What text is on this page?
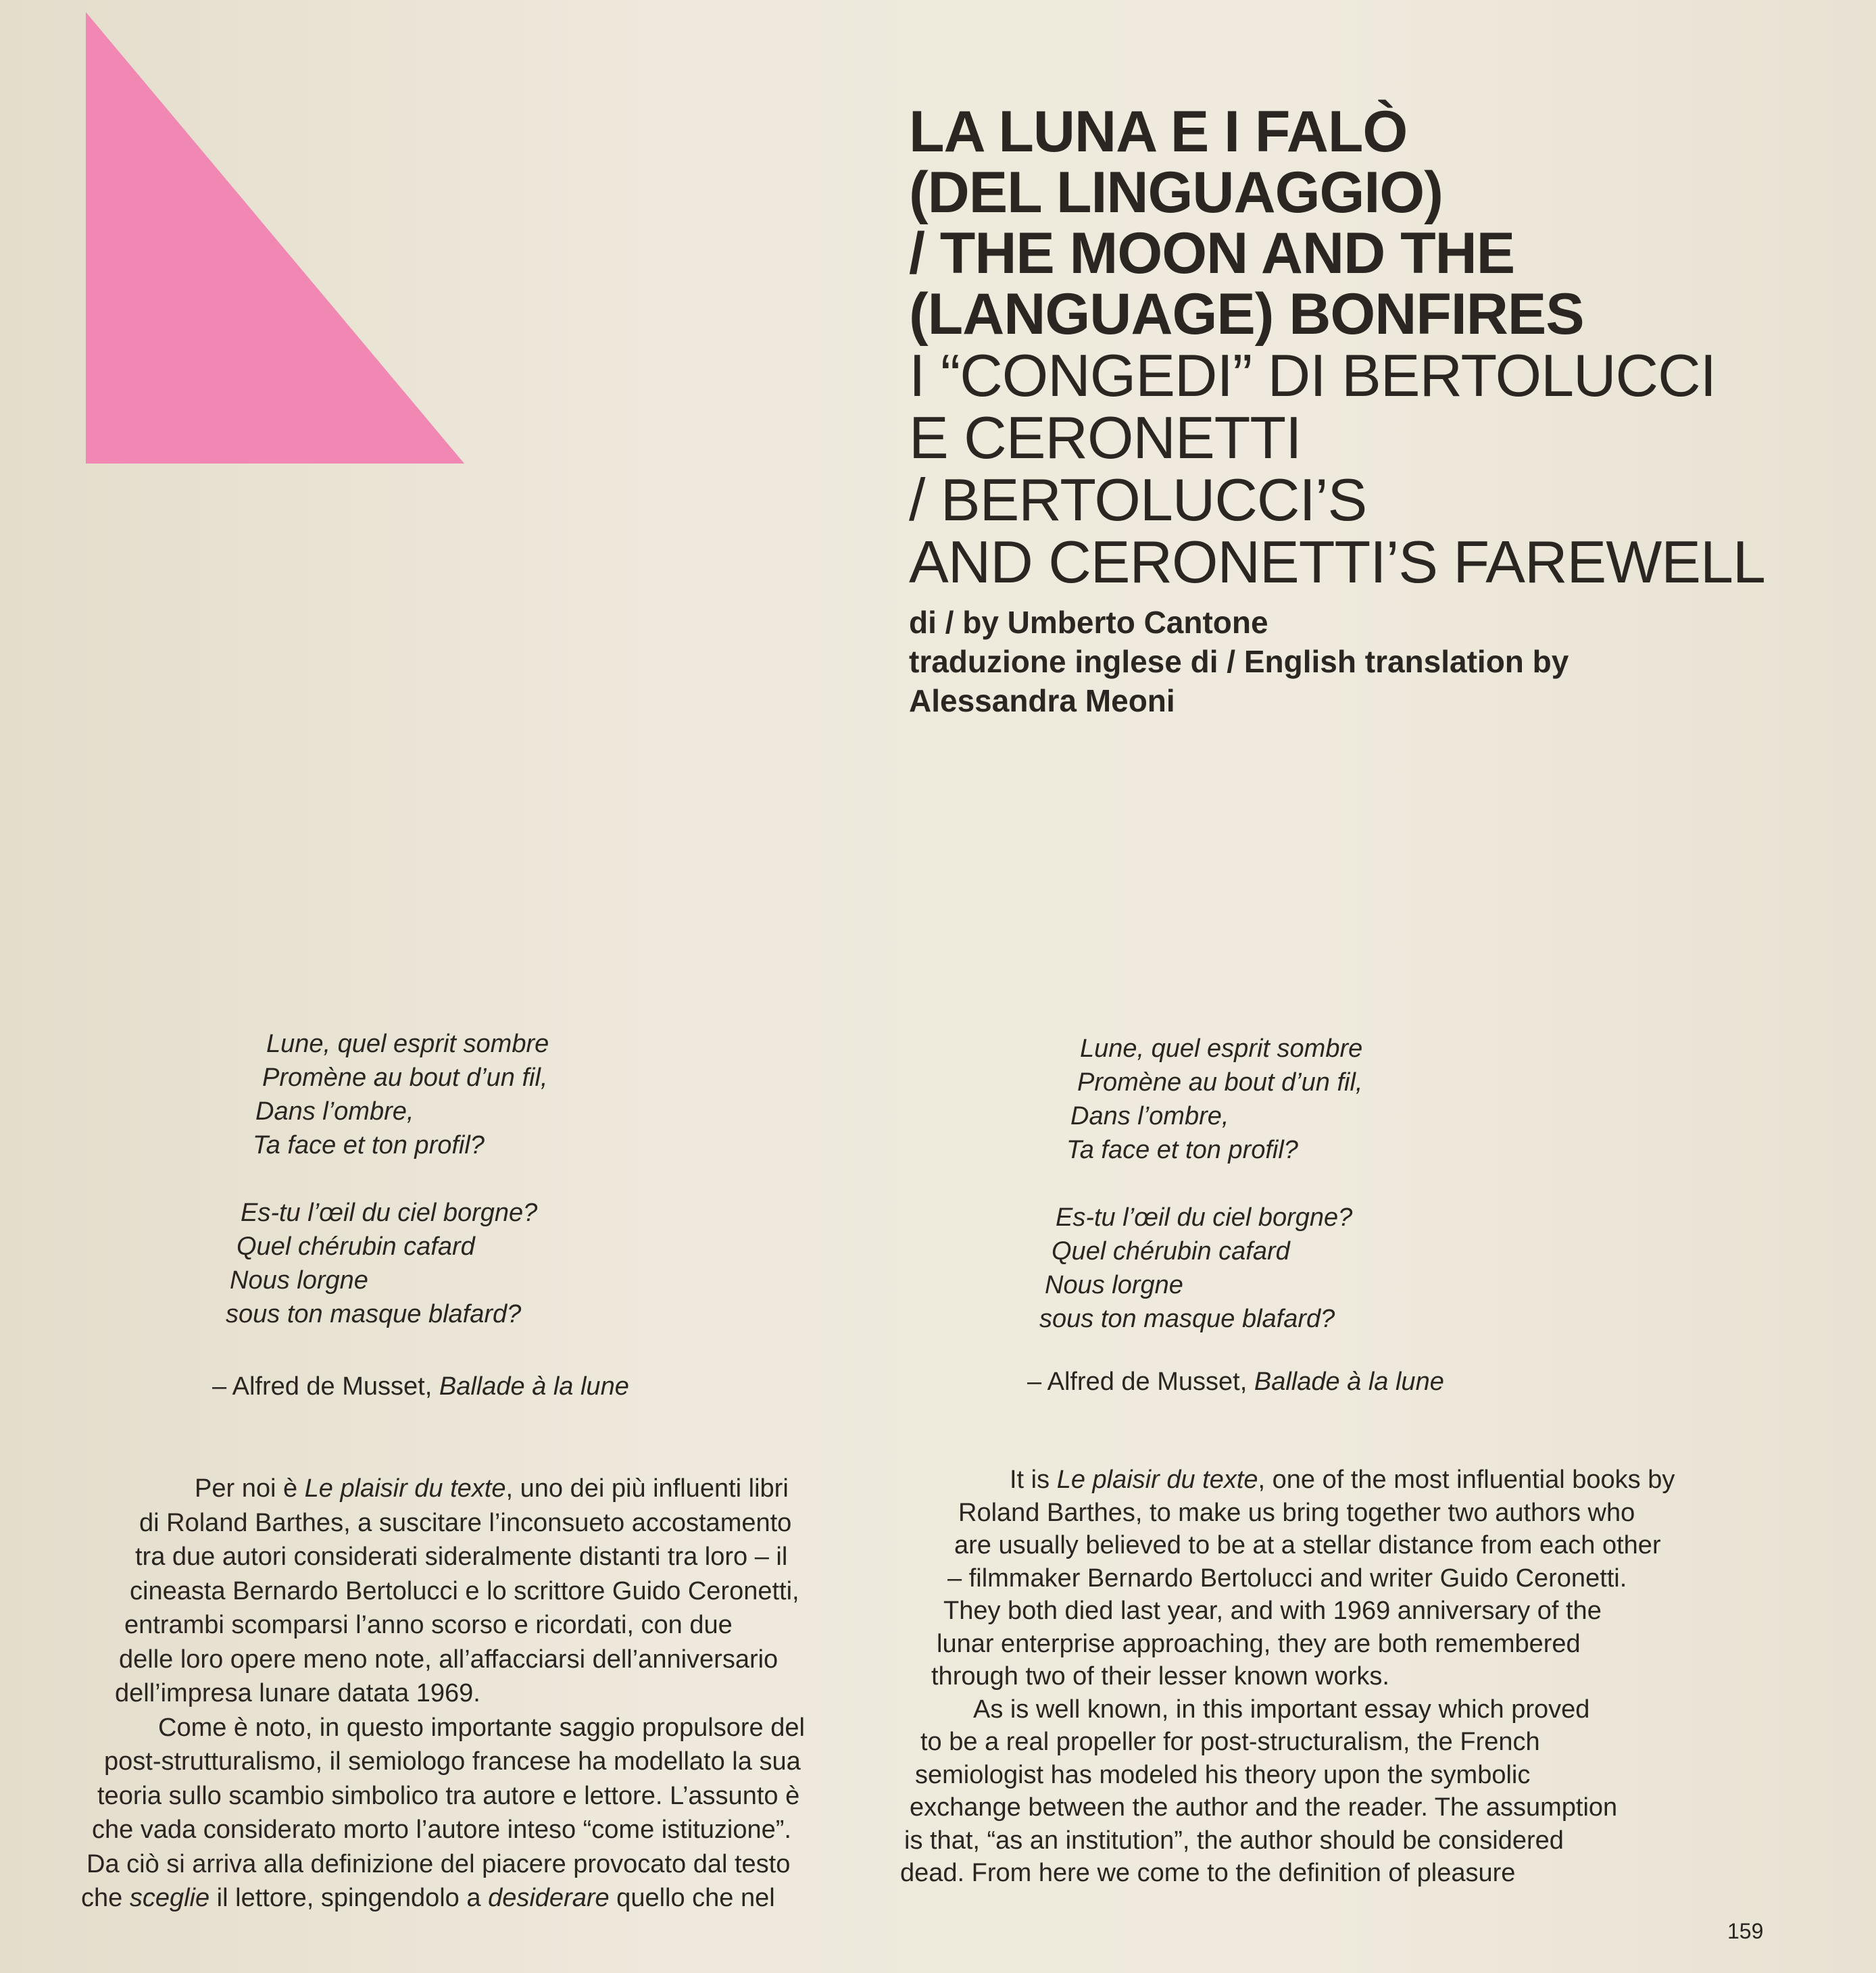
LA LUNA E I FALÒ
(DEL LINGUAGGIO)
/ THE MOON AND THE
(LANGUAGE) BONFIRES
I “CONGEDI” DI BERTOLUCCI
E CERONETTI
/ BERTOLUCCI’S
AND CERONETTI’S FAREWELL
di / by Umberto Cantone
traduzione inglese di / English translation by
Alessandra Meoni
Lune, quel esprit sombre
Promène au bout d’un fil,
Dans l’ombre,
Ta face et ton profil?
Es-tu l’œil du ciel borgne?
Quel chérubin cafard
Nous lorgne
sous ton masque blafard?
– Alfred de Musset, Ballade à la lune
Per noi è Le plaisir du texte, uno dei più influenti libri
di Roland Barthes, a suscitare l’inconsueto accostamento
tra due autori considerati sideralmente distanti tra loro – il
cineasta Bernardo Bertolucci e lo scrittore Guido Ceronetti,
entrambi scomparsi l’anno scorso e ricordati, con due
delle loro opere meno note, all’affacciarsi dell’anniversario
dell’impresa lunare datata 1969.
Come è noto, in questo importante saggio propulsore del
post-strutturalismo, il semiologo francese ha modellato la sua
teoria sullo scambio simbolico tra autore e lettore. L’assunto è
che vada considerato morto l’autore inteso “come istituzione”.
Da ciò si arriva alla definizione del piacere provocato dal testo
che sceglie il lettore, spingendolo a desiderare quello che nel
Lune, quel esprit sombre
Promène au bout d’un fil,
Dans l’ombre,
Ta face et ton profil?
Es-tu l’œil du ciel borgne?
Quel chérubin cafard
Nous lorgne
sous ton masque blafard?
– Alfred de Musset, Ballade à la lune
It is Le plaisir du texte, one of the most influential books by
Roland Barthes, to make us bring together two authors who
are usually believed to be at a stellar distance from each other
– filmmaker Bernardo Bertolucci and writer Guido Ceronetti.
They both died last year, and with 1969 anniversary of the
lunar enterprise approaching, they are both remembered
through two of their lesser known works.
As is well known, in this important essay which proved
to be a real propeller for post-structuralism, the French
semiologist has modeled his theory upon the symbolic
exchange between the author and the reader. The assumption
is that, “as an institution”, the author should be considered
dead. From here we come to the definition of pleasure
159
